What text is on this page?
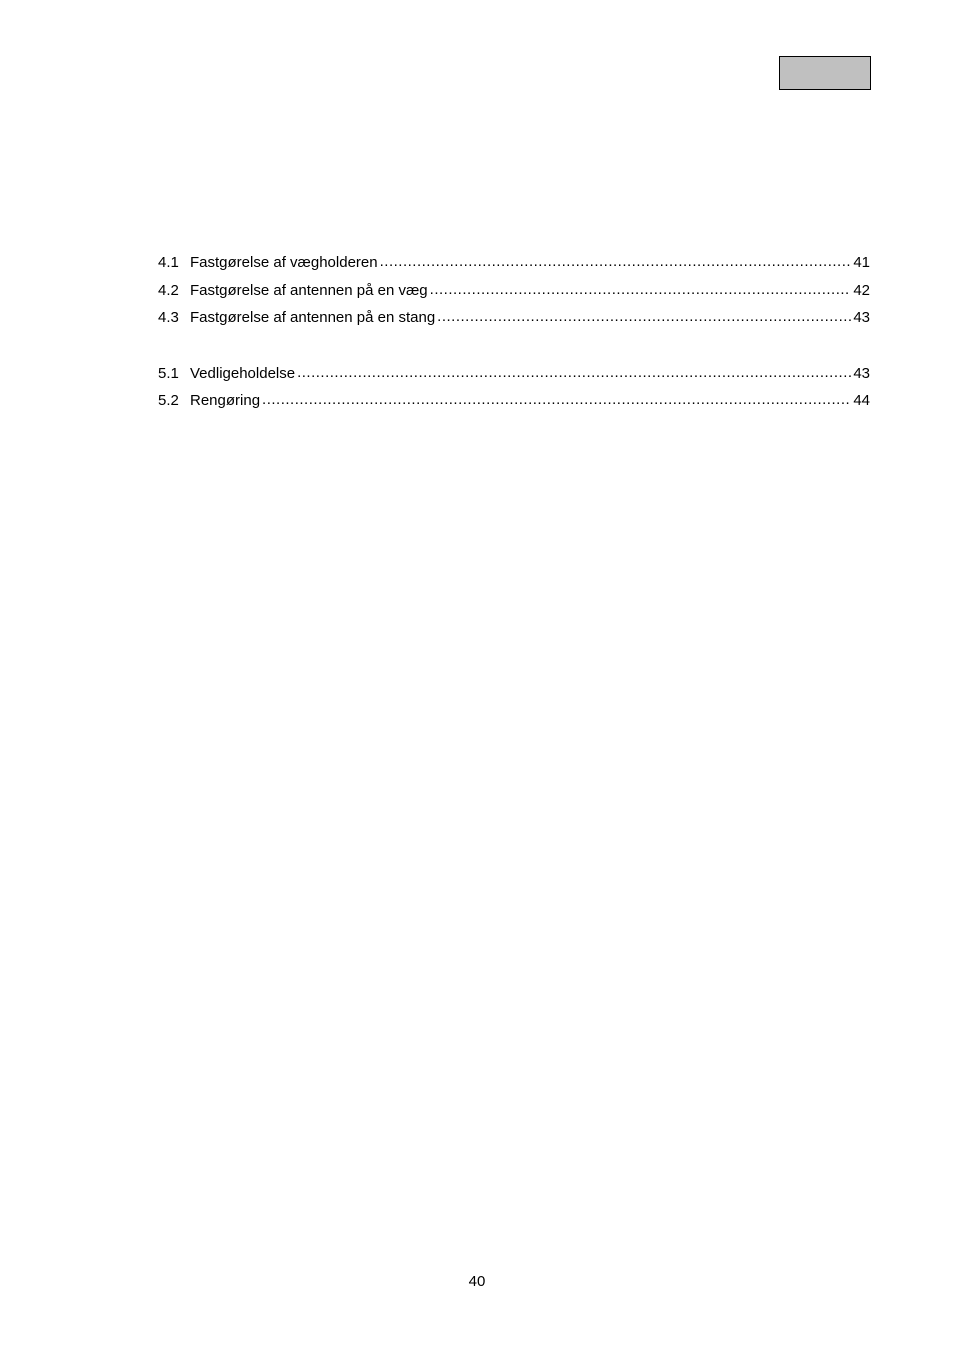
4.1 Fastgørelse af vægholderen .....	41
4.2 Fastgørelse af antennen på en væg .....	42
4.3 Fastgørelse af antennen på en stang .....	43
5.1 Vedligeholdelse .....	43
5.2 Rengøring .....	44
40
